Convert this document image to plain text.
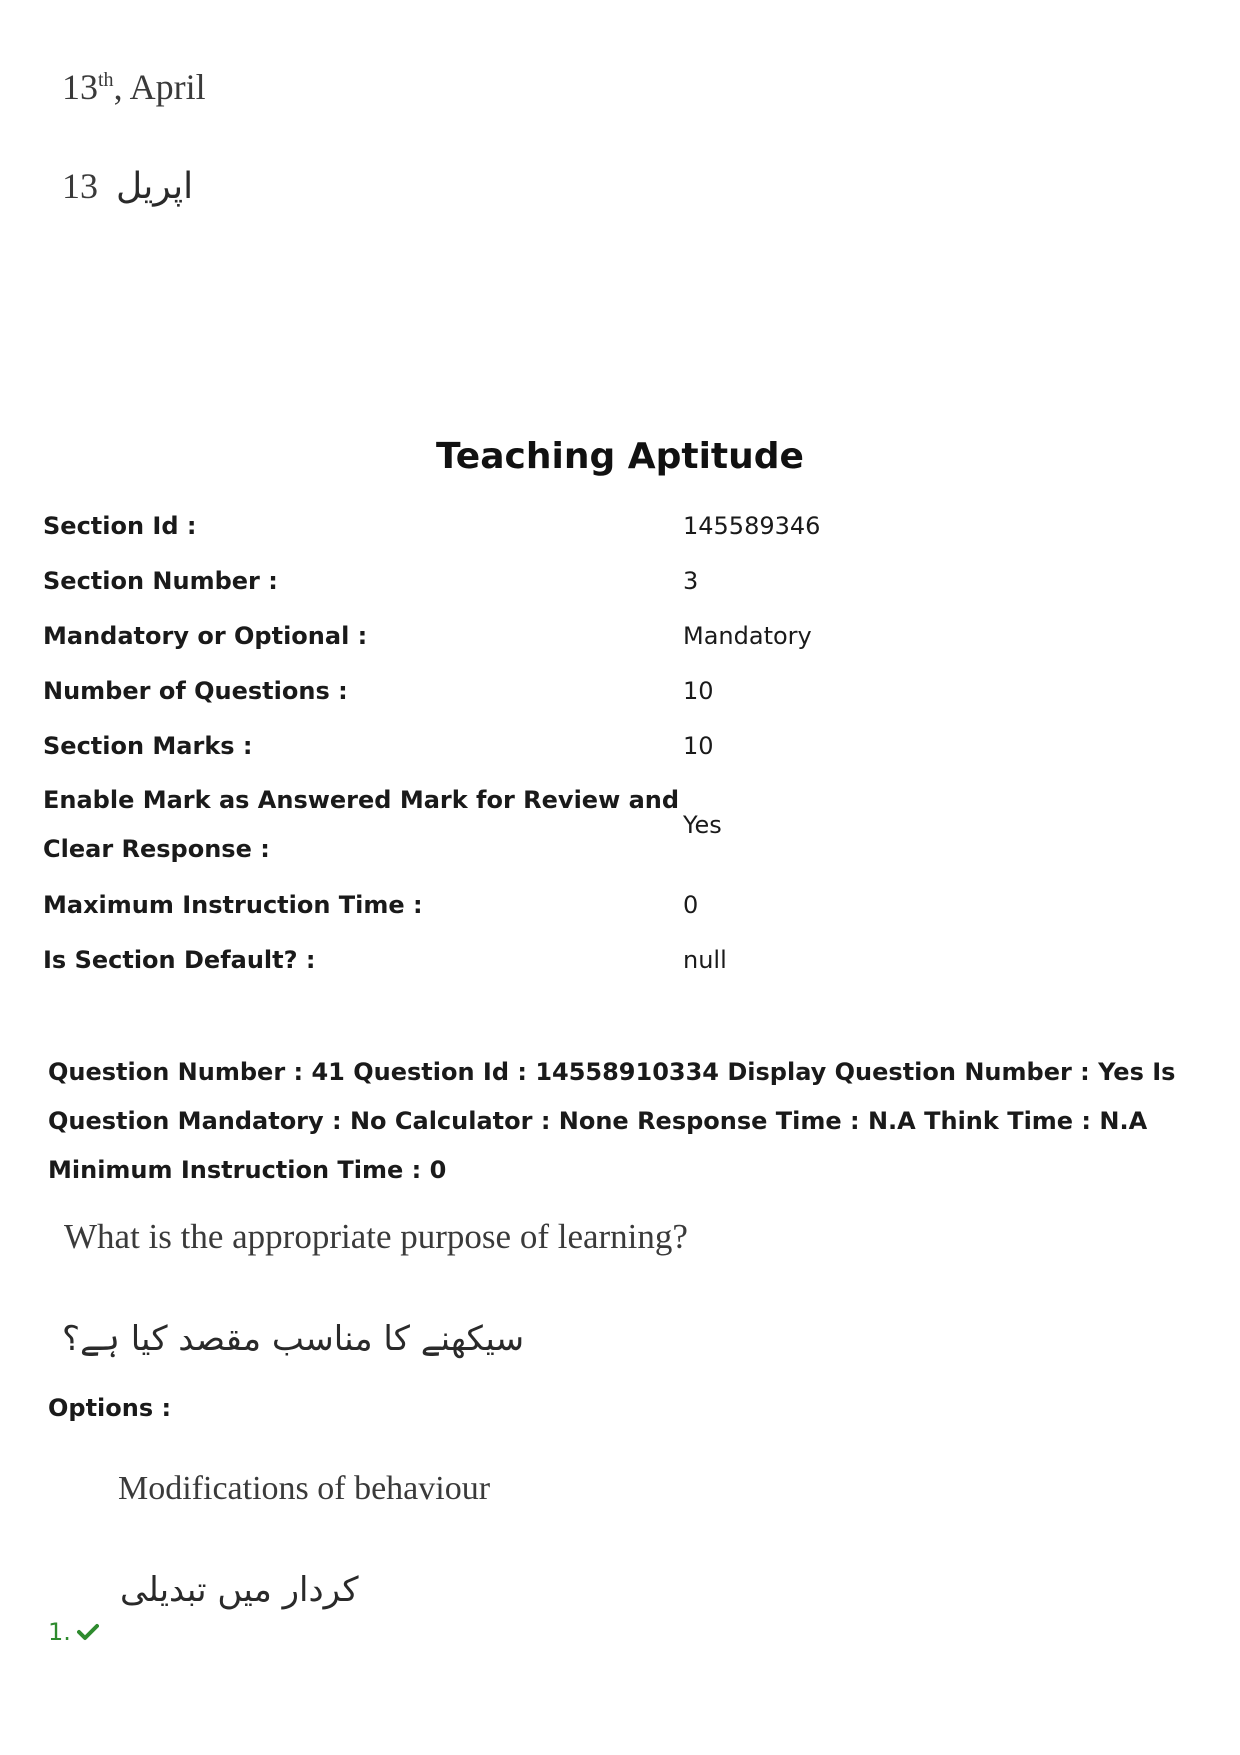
13th, April
13 اپریل
Teaching Aptitude
Section Id :	145589346
Section Number :	3
Mandatory or Optional :	Mandatory
Number of Questions :	10
Section Marks :	10
Enable Mark as Answered Mark for Review and Clear Response :	Yes
Maximum Instruction Time :	0
Is Section Default? :	null
Question Number : 41 Question Id : 14558910334 Display Question Number : Yes Is Question Mandatory : No Calculator : None Response Time : N.A Think Time : N.A Minimum Instruction Time : 0
What is the appropriate purpose of learning?
سیکھنے کا مناسب مقصد کیا ہے؟
Options :
Modifications of behaviour
کردار میں تبدیلی
1.
